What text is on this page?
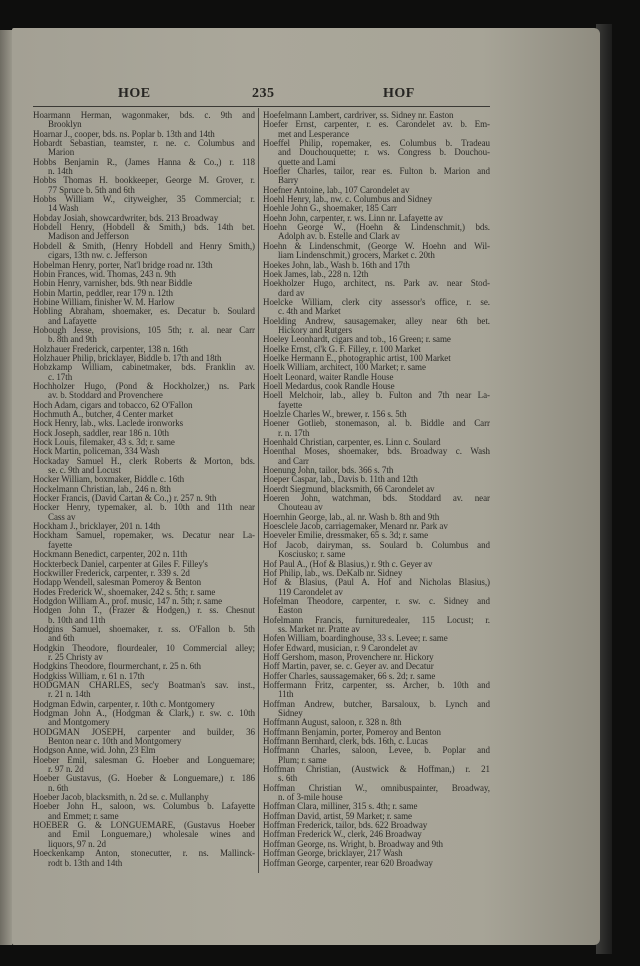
HOE	235	HOF
Hoarmann Herman, wagonmaker, bds. c. 9th and
Brooklyn
Hoarnar J., cooper, bds. ns. Poplar b. 13th and 14th
Hobardt Sebastian, teamster, r. ne. c. Columbus and
Marion
Hobbs Benjamin R., (James Hanna & Co.,) r. 118
n. 14th
Hobbs Thomas H. bookkeeper, George M. Grover, r.
77 Spruce b. 5th and 6th
Hobbs William W., cityweigher, 35 Commercial; r.
14 Wash
Hobday Josiah, showcardwriter, bds. 213 Broadway
Hobdell Henry, (Hobdell & Smith,) bds. 14th bet.
Madison and Jefferson
Hobdell & Smith, (Henry Hobdell and Henry Smith,)
cigars, 13th nw. c. Jefferson
Hobelman Henry, porter, Nat'l bridge road nr. 13th
Hobin Frances, wid. Thomas, 243 n. 9th
Hobin Henry, varnisher, bds. 9th near Biddle
Hobin Martin, peddler, rear 179 n. 12th
Hobine William, finisher W. M. Harlow
Hobling Abraham, shoemaker, es. Decatur b. Soulard
and Lafayette
Hobough Jesse, provisions, 105 5th; r. al. near Carr
b. 8th and 9th
Holzhauer Frederick, carpenter, 138 n. 16th
Holzhauer Philip, bricklayer, Biddle b. 17th and 18th
Hobzkamp William, cabinetmaker, bds. Franklin av.
c. 17th
Hochholzer Hugo, (Pond & Hockholzer,) ns. Park
av. b. Stoddard and Provenchere
Hoch Adam, cigars and tobacco, 62 O'Fallon
Hochmuth A., butcher, 4 Center market
Hock Henry, lab., wks. Laclede ironworks
Hock Joseph, saddler, rear 186 n. 10th
Hock Louis, filemaker, 43 s. 3d; r. same
Hock Martin, policeman, 334 Wash
Hockaday Samuel H., clerk Roberts & Morton, bds.
se. c. 9th and Locust
Hocker William, boxmaker, Biddle c. 16th
Hockelmann Christian, lab., 246 n. 8th
Hocker Francis, (David Cartan & Co.,) r. 257 n. 9th
Hocker Henry, typemaker, al. b. 10th and 11th near
Cass av
Hockham J., bricklayer, 201 n. 14th
Hockham Samuel, ropemaker, ws. Decatur near La-
fayette
Hockmann Benedict, carpenter, 202 n. 11th
Hockterbeck Daniel, carpenter at Giles F. Filley's
Hockwiller Frederick, carpenter, r. 339 s. 2d
Hodapp Wendell, salesman Pomeroy & Benton
Hodes Frederick W., shoemaker, 242 s. 5th; r. same
Hodgdon William A., prof. music, 147 n. 5th; r. same
Hodgen John T., (Frazer & Hodgen,) r. ss. Chesnut
b. 10th and 11th
Hodgins Samuel, shoemaker, r. ss. O'Fallon b. 5th
and 6th
Hodgkin Theodore, flourdealer, 10 Commercial alley;
r. 25 Christy av
Hodgkins Theodore, flourmerchant, r. 25 n. 6th
Hodgkiss William, r. 61 n. 17th
HODGMAN CHARLES, sec'y Boatman's sav. inst.,
r. 21 n. 14th
Hodgman Edwin, carpenter, r. 10th c. Montgomery
Hodgman John A., (Hodgman & Clark,) r. sw. c. 10th
and Montgomery
HODGMAN JOSEPH, carpenter and builder, 36
Benton near c. 10th and Montgomery
Hodgson Anne, wid. John, 23 Elm
Hoeber Emil, salesman G. Hoeber and Longuemare;
r. 97 n. 2d
Hoeber Gustavus, (G. Hoeber & Longuemare,) r. 186
n. 6th
Hoeber Jacob, blacksmith, n. 2d se. c. Mullanphy
Hoeber John H., saloon, ws. Columbus b. Lafayette
and Emmet; r. same
HOEBER G. & LONGUEMARE, (Gustavus Hoeber
and Emil Longuemare,) wholesale wines and
liquors, 97 n. 2d
Hoeckenkamp Anton, stonecutter, r. ns. Mallinck-
rodt b. 13th and 14th
Hoefelmann Lambert, cardriver, ss. Sidney nr. Easton
Hoefer Ernst, carpenter, r. es. Carondelet av. b. Em-
met and Lesperance
Hoeffel Philip, ropemaker, es. Columbus b. Tradeau
and Douchouquette; r. ws. Congress b. Douchou-
quette and Lami
Hoefler Charles, tailor, rear es. Fulton b. Marion and
Barry
Hoefner Antoine, lab., 107 Carondelet av
Hoehl Henry, lab., nw. c. Columbus and Sidney
Hoehle John G., shoemaker, 185 Carr
Hoehn John, carpenter, r. ws. Linn nr. Lafayette av
Hoehn George W., (Hoehn & Lindenschmit,) bds.
Adolph av. b. Estelle and Clark av
Hoehn & Lindenschmit, (George W. Hoehn and Wil-
liam Lindenschmit,) grocers, Market c. 20th
Hoekes John, lab., Wash b. 16th and 17th
Hoek James, lab., 228 n. 12th
Hoekholzer Hugo, architect, ns. Park av. near Stod-
dard av
Hoelcke William, clerk city assessor's office, r. se.
c. 4th and Market
Hoelding Andrew, sausagemaker, alley near 6th bet.
Hickory and Rutgers
Hoeley Leonhardt, cigars and tob., 16 Green; r. same
Hoelke Ernst, cl'k G. F. Filley, r. 100 Market
Hoelke Hermann E., photographic artist, 100 Market
Hoelk William, architect, 100 Market; r. same
Hoelt Leonard, waiter Randle House
Hoell Medardus, cook Randle House
Hoell Melchoir, lab., alley b. Fulton and 7th near La-
fayette
Hoelzle Charles W., brewer, r. 156 s. 5th
Hoener Gotlieb, stonemason, al. b. Biddle and Carr
r. n. 17th
Hoenhald Christian, carpenter, es. Linn c. Soulard
Hoenthal Moses, shoemaker, bds. Broadway c. Wash
and Carr
Hoenung John, tailor, bds. 366 s. 7th
Hoeper Caspar, lab., Davis b. 11th and 12th
Hoerdt Siegmund, blacksmith, 66 Carondelet av
Hoeren John, watchman, bds. Stoddard av. near
Chouteau av
Hoernhin George, lab., al. nr. Wash b. 8th and 9th
Hoesclele Jacob, carriagemaker, Menard nr. Park av
Hoeveler Emilie, dressmaker, 65 s. 3d; r. same
Hof Jacob, dairyman, ss. Soulard b. Columbus and
Kosciusko; r. same
Hof Paul A., (Hof & Blasius,) r. 9th c. Geyer av
Hof Philip, lab., ws. DeKalb nr. Sidney
Hof & Blasius, (Paul A. Hof and Nicholas Blasius,)
119 Carondelet av
Hofelman Theodore, carpenter, r. sw. c. Sidney and
Easton
Hofelmann Francis, furnituredealer, 115 Locust; r.
ss. Market nr. Pratte av
Hofen William, boardinghouse, 33 s. Levee; r. same
Hofer Edward, musician, r. 9 Carondelet av
Hoff Gershom, mason, Provenchere nr. Hickory
Hoff Martin, paver, se. c. Geyer av. and Decatur
Hoffer Charles, saussagemaker, 66 s. 2d; r. same
Hoffermann Fritz, carpenter, ss. Archer, b. 10th and
11th
Hoffman Andrew, butcher, Barsaloux, b. Lynch and
Sidney
Hoffmann August, saloon, r. 328 n. 8th
Hoffmann Benjamin, porter, Pomeroy and Benton
Hoffmann Bernhard, clerk, bds. 16th, c. Lucas
Hoffmann Charles, saloon, Levee, b. Poplar and
Plum; r. same
Hoffman Christian, (Austwick & Hoffman,) r. 21
s. 6th
Hoffman Christian W., omnibuspainter, Broadway,
n. of 3-mile house
Hoffman Clara, milliner, 315 s. 4th; r. same
Hoffman David, artist, 59 Market; r. same
Hoffman Frederick, tailor, bds. 622 Broadway
Hoffman Frederick W., clerk, 246 Broadway
Hoffman George, ns. Wright, b. Broadway and 9th
Hoffman George, bricklayer, 217 Wash
Hoffman George, carpenter, rear 620 Broadway
